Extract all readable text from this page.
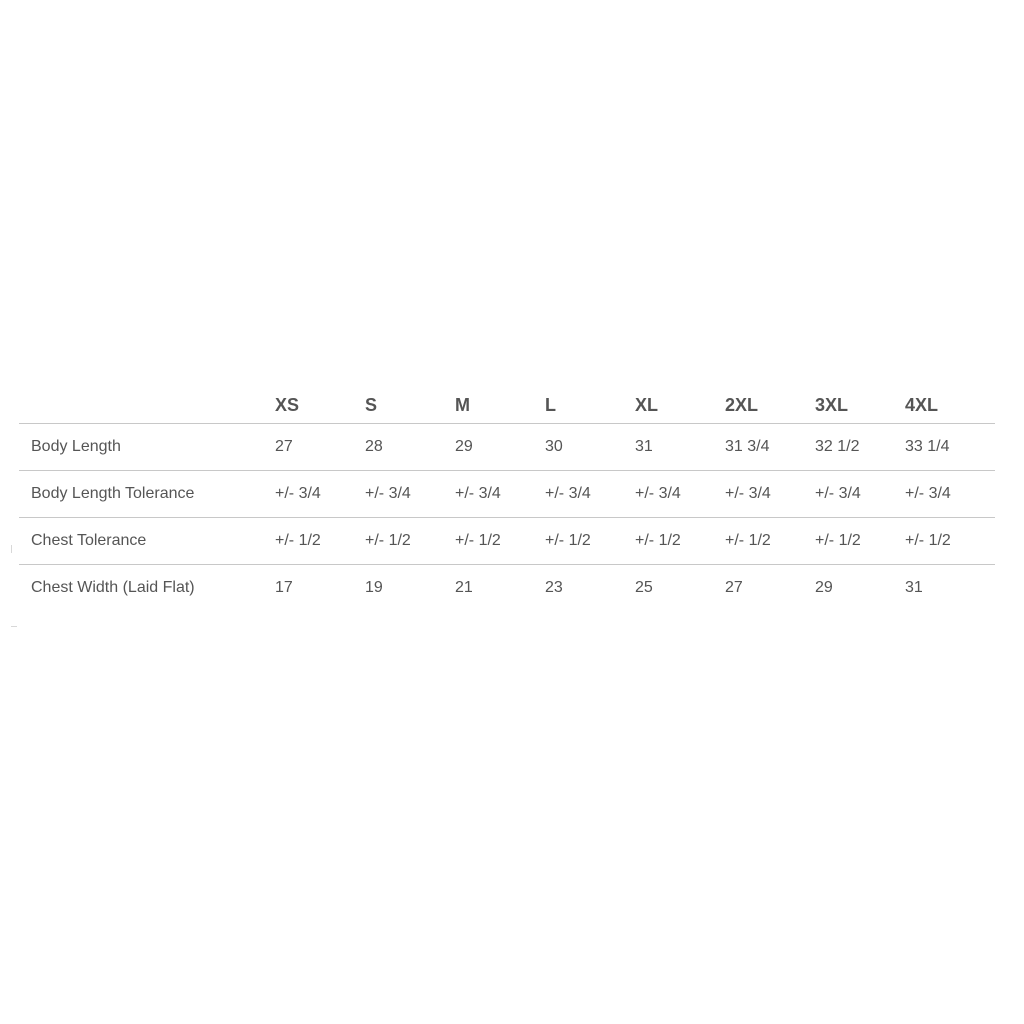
	XS	S	M	L	XL	2XL	3XL	4XL
Body Length	27	28	29	30	31	31 3/4	32 1/2	33 1/4
Body Length Tolerance	+/- 3/4	+/- 3/4	+/- 3/4	+/- 3/4	+/- 3/4	+/- 3/4	+/- 3/4	+/- 3/4
Chest Tolerance	+/- 1/2	+/- 1/2	+/- 1/2	+/- 1/2	+/- 1/2	+/- 1/2	+/- 1/2	+/- 1/2
Chest Width (Laid Flat)	17	19	21	23	25	27	29	31
